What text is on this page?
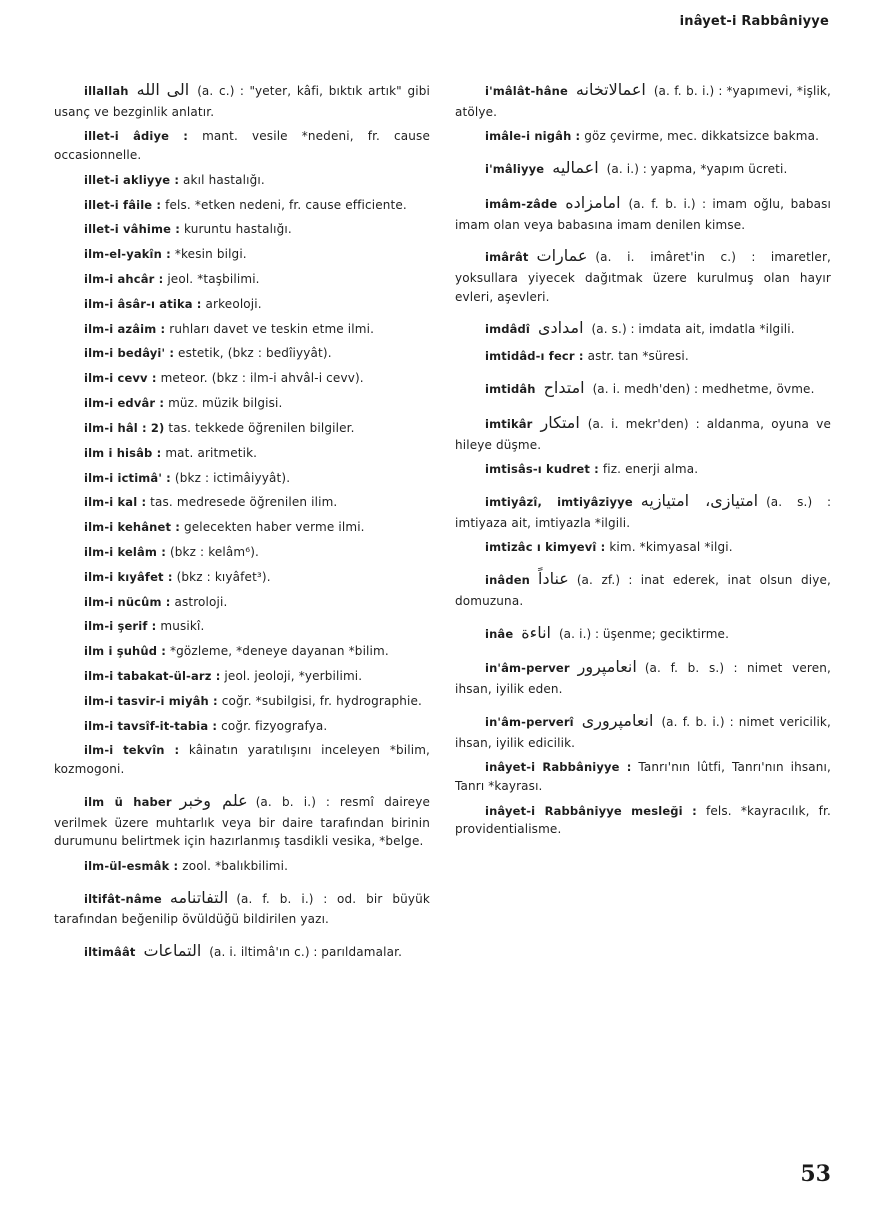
inâyet-i Rabbâniyye

illallah الی الله (a. c.) : "yeter, kâfi, bıktık artık" gibi usanç ve bezginlik anlatır.

illet-i âdiye : mant. vesile *nedeni, fr. cause occasionnelle.

illet-i akliyye : akıl hastalığı.

illet-i fâile : fels. *etken nedeni, fr. cause efficiente.

illet-i vâhime : kuruntu hastalığı.

ilm-el-yakîn : *kesin bilgi.

ilm-i ahcâr : jeol. *taşbilimi.

ilm-i âsâr-ı atika : arkeoloji.

ilm-i azâim : ruhları davet ve teskin etme ilmi.

ilm-i bedâyi' : estetik, (bkz : bedîiyyât).

ilm-i cevv : meteor. (bkz : ilm-i ahvâl-i cevv).

ilm-i edvâr : müz. müzik bilgisi.

ilm-i hâl : 2) tas. tekkede öğrenilen bilgiler.

ilm i hisâb : mat. aritmetik.

ilm-i ictimâ' : (bkz : ictimâiyyât).

ilm-i kal : tas. medresede öğrenilen ilim.

ilm-i kehânet : gelecekten haber verme ilmi.

ilm-i kelâm : (bkz : kelâm⁶).

ilm-i kıyâfet : (bkz : kıyâfet³).

ilm-i nücûm : astroloji.

ilm-i şerif : musikî.

ilm i şuhûd : *gözleme, *deneye dayanan *bilim.

ilm-i tabakat-ül-arz : jeol. jeoloji, *yerbilimi.

ilm-i tasvir-i miyâh : coğr. *subilgisi, fr. hydrographie.

ilm-i tavsîf-it-tabia : coğr. fizyografya.

ilm-i tekvîn : kâinatın yaratılışını inceleyen *bilim, kozmogoni.

ilm ü haber علم وخبر (a. b. i.) : resmî daireye verilmek üzere muhtarlık veya bir daire tarafından birinin durumunu belirtmek için hazırlanmış tasdikli vesika, *belge.

ilm-ül-esmâk : zool. *balıkbilimi.

iltifât-nâme التفاتنامه (a. f. b. i.) : od. bir büyük tarafından beğenilip övüldüğü bildirilen yazı.

iltimâât التماعات (a. i. iltimâ'ın c.) : parıldamalar.

i'mâlât-hâne اعمالاتخانه (a. f. b. i.) : *yapımevi, *işlik, atölye.

imâle-i nigâh : göz çevirme, mec. dikkatsizce bakma.

i'mâliyye اعماليه (a. i.) : yapma, *yapım ücreti.

imâm-zâde امامزاده (a. f. b. i.) : imam oğlu, babası imam olan veya babasına imam denilen kimse.

imârât عمارات (a. i. imâret'in c.) : imaretler, yoksullara yiyecek dağıtmak üzere kurulmuş olan hayır evleri, aşevleri.

imdâdî امدادى (a. s.) : imdata ait, imdatla *ilgili.

imtidâd-ı fecr : astr. tan *süresi.

imtidâh امتداح (a. i. medh'den) : medhetme, övme.

imtikâr امتكار (a. i. mekr'den) : aldanma, oyuna ve hileye düşme.

imtisâs-ı kudret : fiz. enerji alma.

imtiyâzî, imtiyâziyye امتيازى، امتيازيه (a. s.) : imtiyaza ait, imtiyazla *ilgili.

imtizâc ı kimyevî : kim. *kimyasal *ilgi.

inâden عناداً (a. zf.) : inat ederek, inat olsun diye, domuzuna.

inâe اناءة (a. i.) : üşenme; geciktirme.

in'âm-perver انعامپرور (a. f. b. s.) : nimet veren, ihsan, iyilik eden.

in'âm-perverî انعامپرورى (a. f. b. i.) : nimet vericilik, ihsan, iyilik edicilik.

inâyet-i Rabbâniyye : Tanrı'nın lûtfi, Tanrı'nın ihsanı, Tanrı *kayrası.

inâyet-i Rabbâniyye mesleği : fels. *kayracılık, fr. providentialisme.

53
